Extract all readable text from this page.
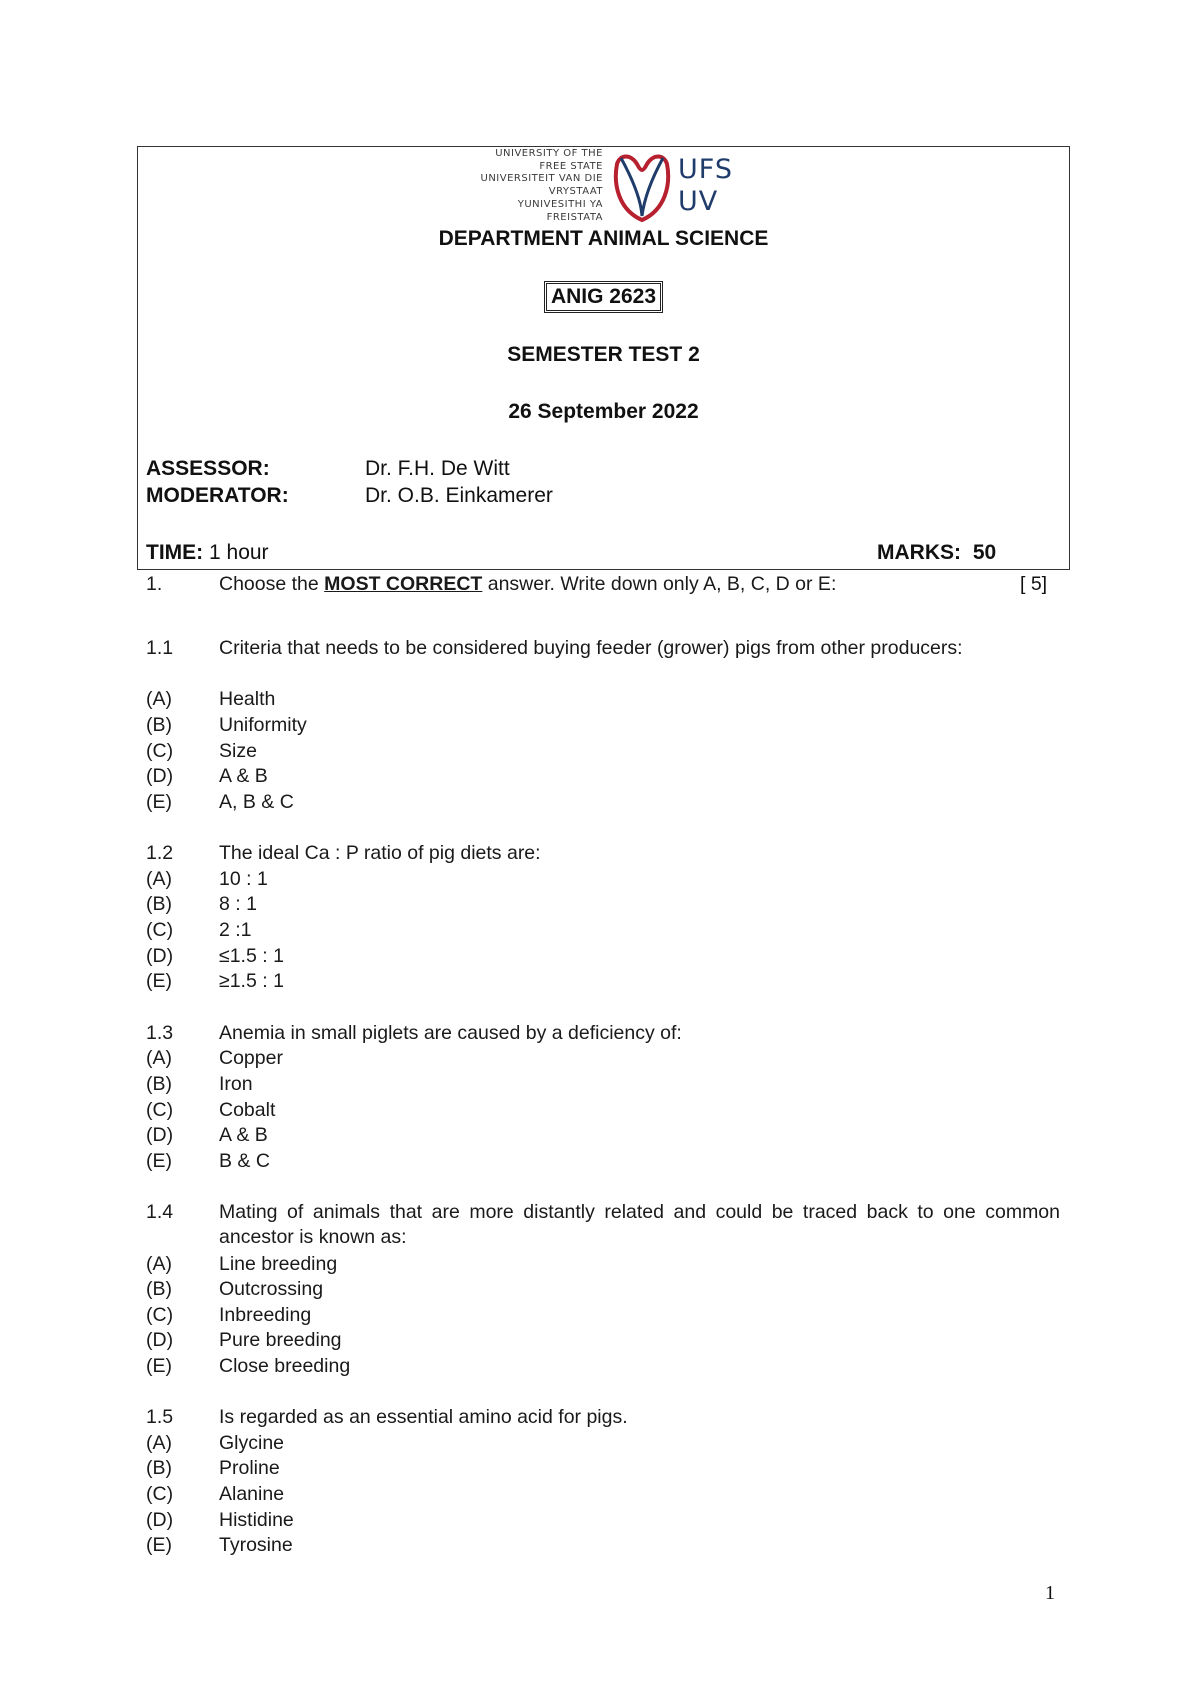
UNIVERSITY OF THE
FREE STATE
UNIVERSITEIT VAN DIE
VRYSTAAT
YUNIVESITHI YA
FREISTATA
UFS
UV
DEPARTMENT ANIMAL SCIENCE
ANIG 2623
SEMESTER TEST 2
26 September 2022
ASSESSOR:	Dr. F.H. De Witt
MODERATOR:	Dr. O.B. Einkamerer
TIME: 1 hour	MARKS: 50
1.	Choose the MOST CORRECT answer. Write down only A, B, C, D or E:	[ 5]
1.1 Criteria that needs to be considered buying feeder (grower) pigs from other producers:
(A) Health
(B) Uniformity
(C) Size
(D) A & B
(E) A, B & C
1.2 The ideal Ca : P ratio of pig diets are:
(A) 10 : 1
(B) 8 : 1
(C) 2 :1
(D) ≤1.5 : 1
(E) ≥1.5 : 1
1.3 Anemia in small piglets are caused by a deficiency of:
(A) Copper
(B) Iron
(C) Cobalt
(D) A & B
(E) B & C
1.4 Mating of animals that are more distantly related and could be traced back to one common ancestor is known as:
(A) Line breeding
(B) Outcrossing
(C) Inbreeding
(D) Pure breeding
(E) Close breeding
1.5 Is regarded as an essential amino acid for pigs.
(A) Glycine
(B) Proline
(C) Alanine
(D) Histidine
(E) Tyrosine
1
